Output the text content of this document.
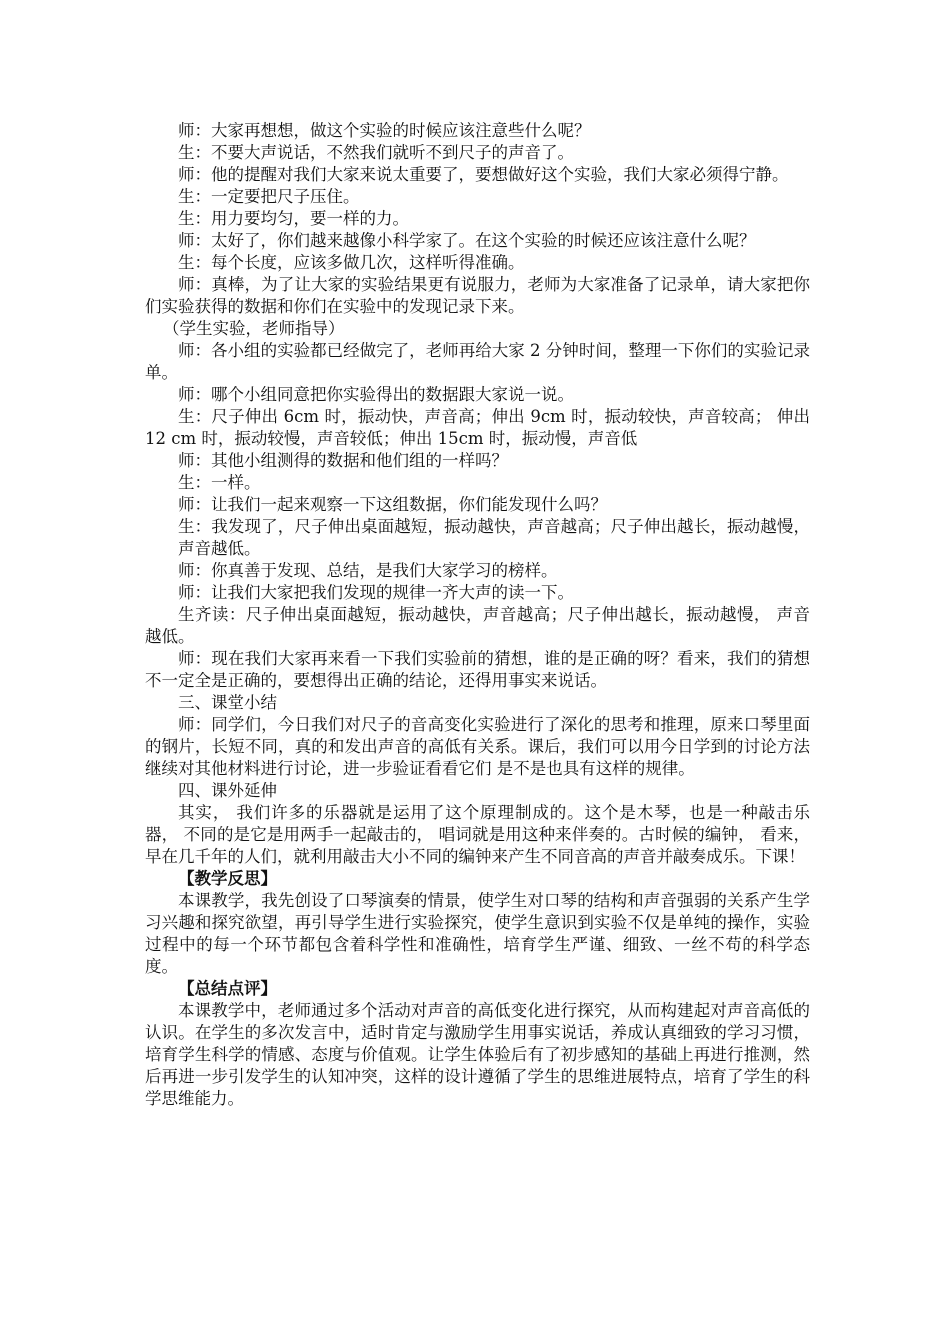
师：大家再想想，做这个实验的时候应该注意些什么呢？

生：不要大声说话，不然我们就听不到尺子的声音了。

师：他的提醒对我们大家来说太重要了，要想做好这个实验，我们大家必须得宁静。

生：一定要把尺子压住。

生：用力要均匀，要一样的力。

师：太好了，你们越来越像小科学家了。在这个实验的时候还应该注意什么呢？

生：每个长度，应该多做几次，这样听得准确。

师：真棒，为了让大家的实验结果更有说服力，老师为大家准备了记录单，请大家把你们实验获得的数据和你们在实验中的发现记录下来。

（学生实验，老师指导）

师：各小组的实验都已经做完了，老师再给大家 2 分钟时间，整理一下你们的实验记录单。

师：哪个小组同意把你实验得出的数据跟大家说一说。

生：尺子伸出 6cm 时，振动快，声音高；伸出 9cm 时，振动较快，声音较高； 伸出 12 cm 时，振动较慢，声音较低；伸出 15cm 时，振动慢，声音低

师：其他小组测得的数据和他们组的一样吗？

生：一样。

师：让我们一起来观察一下这组数据，你们能发现什么吗？

生：我发现了，尺子伸出桌面越短，振动越快，声音越高；尺子伸出越长，振动越慢，声音越低。

师：你真善于发现、总结，是我们大家学习的榜样。

师：让我们大家把我们发现的规律一齐大声的读一下。

生齐读：尺子伸出桌面越短，振动越快，声音越高；尺子伸出越长，振动越慢， 声音越低。

师：现在我们大家再来看一下我们实验前的猜想，谁的是正确的呀？看来，我们的猜想不一定全是正确的，要想得出正确的结论，还得用事实来说话。

三、课堂小结

师：同学们，今日我们对尺子的音高变化实验进行了深化的思考和推理，原来口琴里面的钢片，长短不同，真的和发出声音的高低有关系。课后，我们可以用今日学到的讨论方法继续对其他材料进行讨论，进一步验证看看它们 是不是也具有这样的规律。

四、课外延伸

其实， 我们许多的乐器就是运用了这个原理制成的。这个是木琴，也是一种敲击乐器， 不同的是它是用两手一起敲击的， 唱词就是用这种来伴奏的。古时候的编钟， 看来， 早在几千年的人们，就利用敲击大小不同的编钟来产生不同音高的声音并敲奏成乐。下课！

【教学反思】

本课教学，我先创设了口琴演奏的情景，使学生对口琴的结构和声音强弱的关系产生学习兴趣和探究欲望，再引导学生进行实验探究，使学生意识到实验不仅是单纯的操作，实验过程中的每一个环节都包含着科学性和准确性，培育学生严谨、细致、一丝不苟的科学态度。

【总结点评】

本课教学中，老师通过多个活动对声音的高低变化进行探究，从而构建起对声音高低的认识。在学生的多次发言中，适时肯定与激励学生用事实说话，养成认真细致的学习习惯，培育学生科学的情感、态度与价值观。让学生体验后有了初步感知的基础上再进行推测，然后再进一步引发学生的认知冲突，这样的设计遵循了学生的思维进展特点，培育了学生的科学思维能力。
